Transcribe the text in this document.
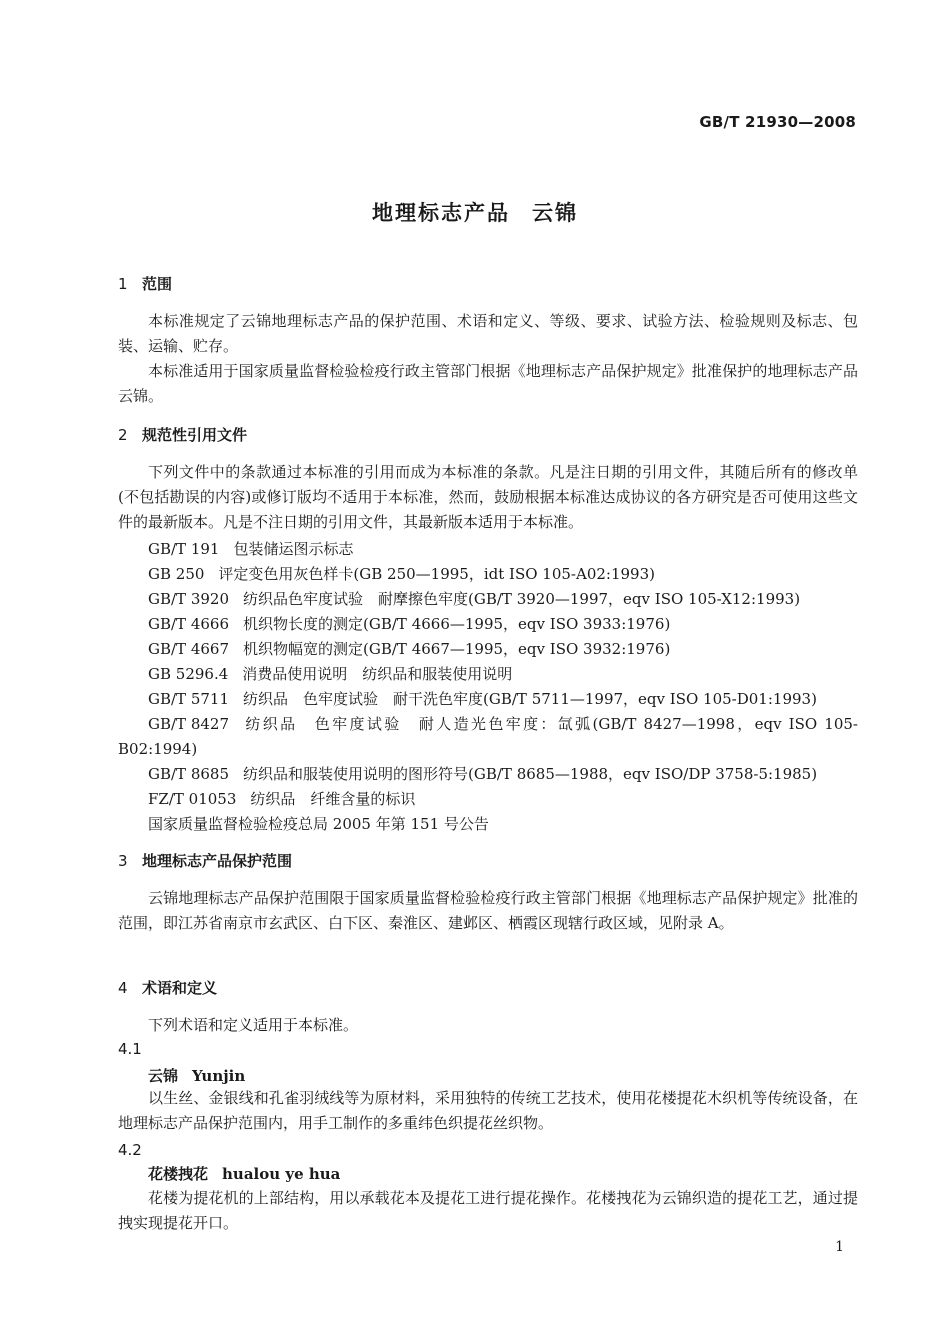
GB/T 21930—2008
地理标志产品 云锦
1 范围

本标准规定了云锦地理标志产品的保护范围、术语和定义、等级、要求、试验方法、检验规则及标志、包装、运输、贮存。

本标准适用于国家质量监督检验检疫行政主管部门根据《地理标志产品保护规定》批准保护的地理标志产品云锦。

2 规范性引用文件

下列文件中的条款通过本标准的引用而成为本标准的条款。凡是注日期的引用文件，其随后所有的修改单(不包括勘误的内容)或修订版均不适用于本标准，然而，鼓励根据本标准达成协议的各方研究是否可使用这些文件的最新版本。凡是不注日期的引用文件，其最新版本适用于本标准。

GB/T 191 包装储运图示标志
GB 250 评定变色用灰色样卡(GB 250—1995，idt ISO 105-A02:1993)
GB/T 3920 纺织品色牢度试验　耐摩擦色牢度(GB/T 3920—1997，eqv ISO 105-X12:1993)
GB/T 4666 机织物长度的测定(GB/T 4666—1995，eqv ISO 3933:1976)
GB/T 4667 机织物幅宽的测定(GB/T 4667—1995，eqv ISO 3932:1976)
GB 5296.4 消费品使用说明　纺织品和服装使用说明
GB/T 5711 纺织品　色牢度试验　耐干洗色牢度(GB/T 5711—1997，eqv ISO 105-D01:1993)
GB/T 8427 纺织品　色牢度试验　耐人造光色牢度：氙弧(GB/T 8427—1998，eqv ISO 105-B02:1994)
GB/T 8685 纺织品和服装使用说明的图形符号(GB/T 8685—1988，eqv ISO/DP 3758-5:1985)
FZ/T 01053 纺织品　纤维含量的标识
国家质量监督检验检疫总局 2005 年第 151 号公告
3 地理标志产品保护范围

云锦地理标志产品保护范围限于国家质量监督检验检疫行政主管部门根据《地理标志产品保护规定》批准的范围，即江苏省南京市玄武区、白下区、秦淮区、建邺区、栖霞区现辖行政区域，见附录 A。

4 术语和定义

下列术语和定义适用于本标准。

4.1

云锦 Yunjin

以生丝、金银线和孔雀羽绒线等为原材料，采用独特的传统工艺技术，使用花楼提花木织机等传统设备，在地理标志产品保护范围内，用手工制作的多重纬色织提花丝织物。

4.2

花楼拽花 hualou ye hua

花楼为提花机的上部结构，用以承载花本及提花工进行提花操作。花楼拽花为云锦织造的提花工艺，通过提拽实现提花开口。

1
